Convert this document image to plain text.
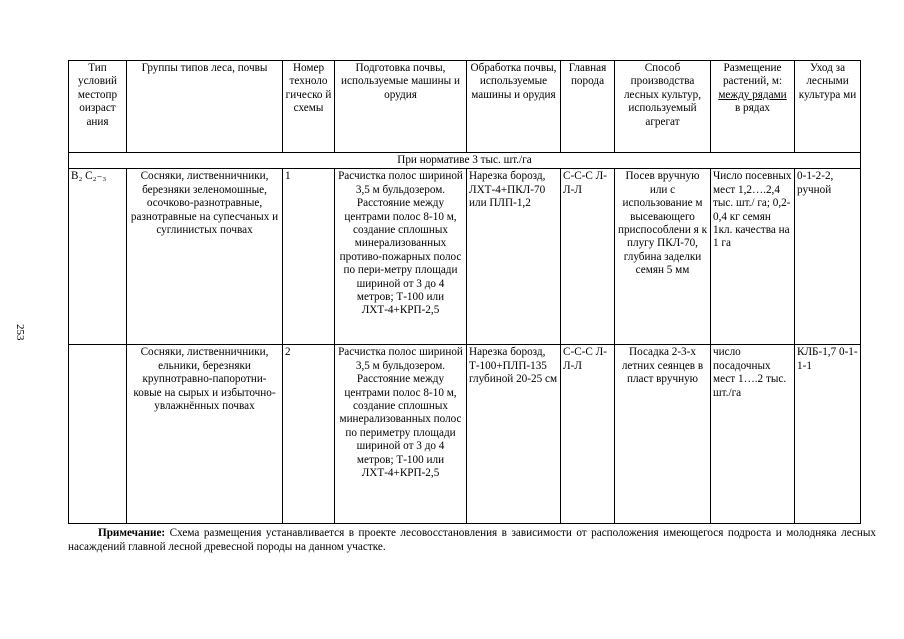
253
Тип условий местопр оизраст ания	Группы типов леса, почвы	Номер техноло гическо й схемы	Подготовка почвы, используемые машины и орудия	Обработка почвы, используемые машины и орудия	Главная порода	Способ производства лесных культур, используемый агрегат	Размещение растений, м:
между рядами
в рядах	Уход за лесными культура ми
При нормативе 3 тыс. шт./га								
B₂ C₂₋₃	Сосняки, лиственничники, березняки зеленомошные, осочково-разнотравные, разнотравные на супесчаных и суглинистых почвах	1	Расчистка полос шириной 3,5 м бульдозером. Расстояние между центрами полос 8-10 м, создание сплошных минерализованных противо-пожарных полос по пери-метру площади шириной от 3 до 4 метров; Т-100 или ЛХТ-4+КРП-2,5	Нарезка борозд, ЛХТ-4+ПКЛ-70 или ПЛП-1,2	С-С-С Л-Л-Л	Посев вручную или с использование м высевающего приспособлени я к плугу ПКЛ-70, глубина заделки семян 5 мм	Число посевных мест 1,2….2,4 тыс. шт./ га; 0,2-0,4 кг семян 1кл. качества на 1 га	0-1-2-2, ручной
	Сосняки, лиственничники, ельники, березняки крупнотравно-папоротни-ковые на сырых и избыточно-увлажнённых почвах	2	Расчистка полос шириной 3,5 м бульдозером. Расстояние между центрами полос 8-10 м, создание сплошных минерализованных полос по периметру площади шириной от 3 до 4 метров; Т-100 или ЛХТ-4+КРП-2,5	Нарезка борозд, Т-100+ПЛП-135 глубиной 20-25 см	С-С-С Л-Л-Л	Посадка 2-3-х летних сеянцев в пласт вручную	число посадочных мест 1….2 тыс. шт./га	КЛБ-1,7 0-1-1-1
Примечание: Схема размещения устанавливается в проекте лесовосстановления в зависимости от расположения имеющегося подроста и молодняка лесных насаждений главной лесной древесной породы на данном участке.
